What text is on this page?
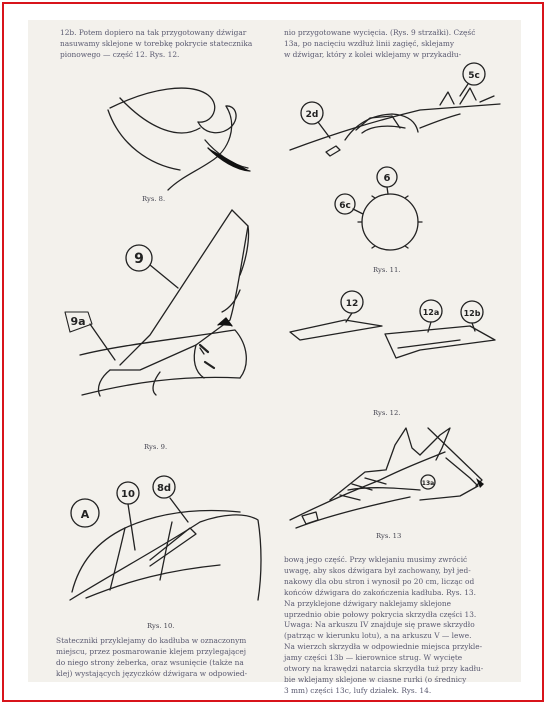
12b. Potem dopiero na tak przygotowany dźwigar
nasuwamy sklejone w torebkę pokrycie statecznika
pionowego — część 12. Rys. 12.
nio przygotowane wycięcia. (Rys. 9 strzałki). Część
13a, po nacięciu wzdłuż linii zagięć, sklejamy
w dźwigar, który z kolei wklejamy w przykadłu-
Stateczniki przyklejamy do kadłuba w oznaczonym
miejscu, przez posmarowanie klejem przylegającej
do niego strony żeberka, oraz wsunięcie (także na
klej) wystających języczków dźwigara w odpowied-
bową jego część. Przy wklejaniu musimy zwrócić
uwagę, aby skos dźwigara był zachowany, był jed-
nakowy dla obu stron i wynosił po 20 cm, licząc od
końców dźwigara do zakończenia kadłuba. Rys. 13.
Na przyklejone dźwigary naklejamy sklejone
uprzednio obie połowy pokrycia skrzydła części 13.
Uwaga: Na arkuszu IV znajduje się prawe skrzydło
(patrząc w kierunku lotu), a na arkuszu V — lewe.
Na wierzch skrzydła w odpowiednie miejsca przykle-
jamy części 13b — kierownice strug. W wycięte
otwory na krawędzi natarcia skrzydła tuż przy kadłu-
bie wklejamy sklejone w ciasne rurki (o średnicy
3 mm) części 13c, lufy działek. Rys. 14.
Rys. 8.
Rys. 9.
Rys. 10.
Rys. 11.
Rys. 12.
Rys. 13
9
9a
10
8d
A
6
6c
2d
5c
12
12a	12b
13a
